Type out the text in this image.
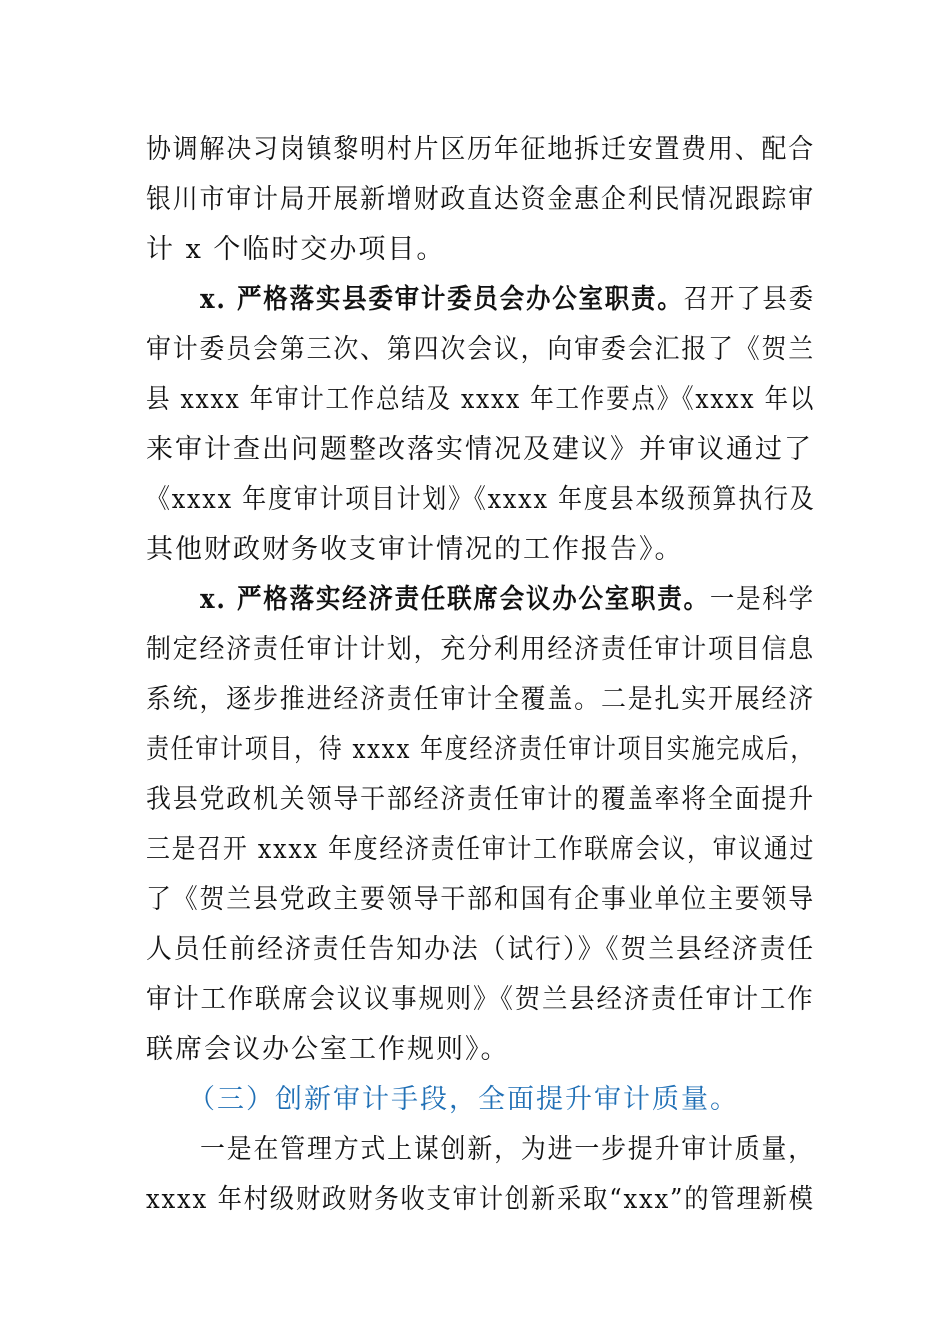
协调解决习岗镇黎明村片区历年征地拆迁安置费用、配合
银川市审计局开展新增财政直达资金惠企利民情况跟踪审
计 x 个临时交办项目。
x. 严格落实县委审计委员会办公室职责。召开了县委
审计委员会第三次、第四次会议，向审委会汇报了《贺兰
县 xxxx 年审计工作总结及 xxxx 年工作要点》《xxxx 年以
来审计查出问题整改落实情况及建议》并审议通过了
《xxxx 年度审计项目计划》《xxxx 年度县本级预算执行及
其他财政财务收支审计情况的工作报告》。
x. 严格落实经济责任联席会议办公室职责。一是科学
制定经济责任审计计划，充分利用经济责任审计项目信息
系统，逐步推进经济责任审计全覆盖。二是扎实开展经济
责任审计项目，待 xxxx 年度经济责任审计项目实施完成后，
我县党政机关领导干部经济责任审计的覆盖率将全面提升
三是召开 xxxx 年度经济责任审计工作联席会议，审议通过
了《贺兰县党政主要领导干部和国有企事业单位主要领导
人员任前经济责任告知办法（试行）》《贺兰县经济责任
审计工作联席会议议事规则》《贺兰县经济责任审计工作
联席会议办公室工作规则》。
（三）创新审计手段，全面提升审计质量。
一是在管理方式上谋创新，为进一步提升审计质量，
xxxx 年村级财政财务收支审计创新采取“xxx”的管理新模
